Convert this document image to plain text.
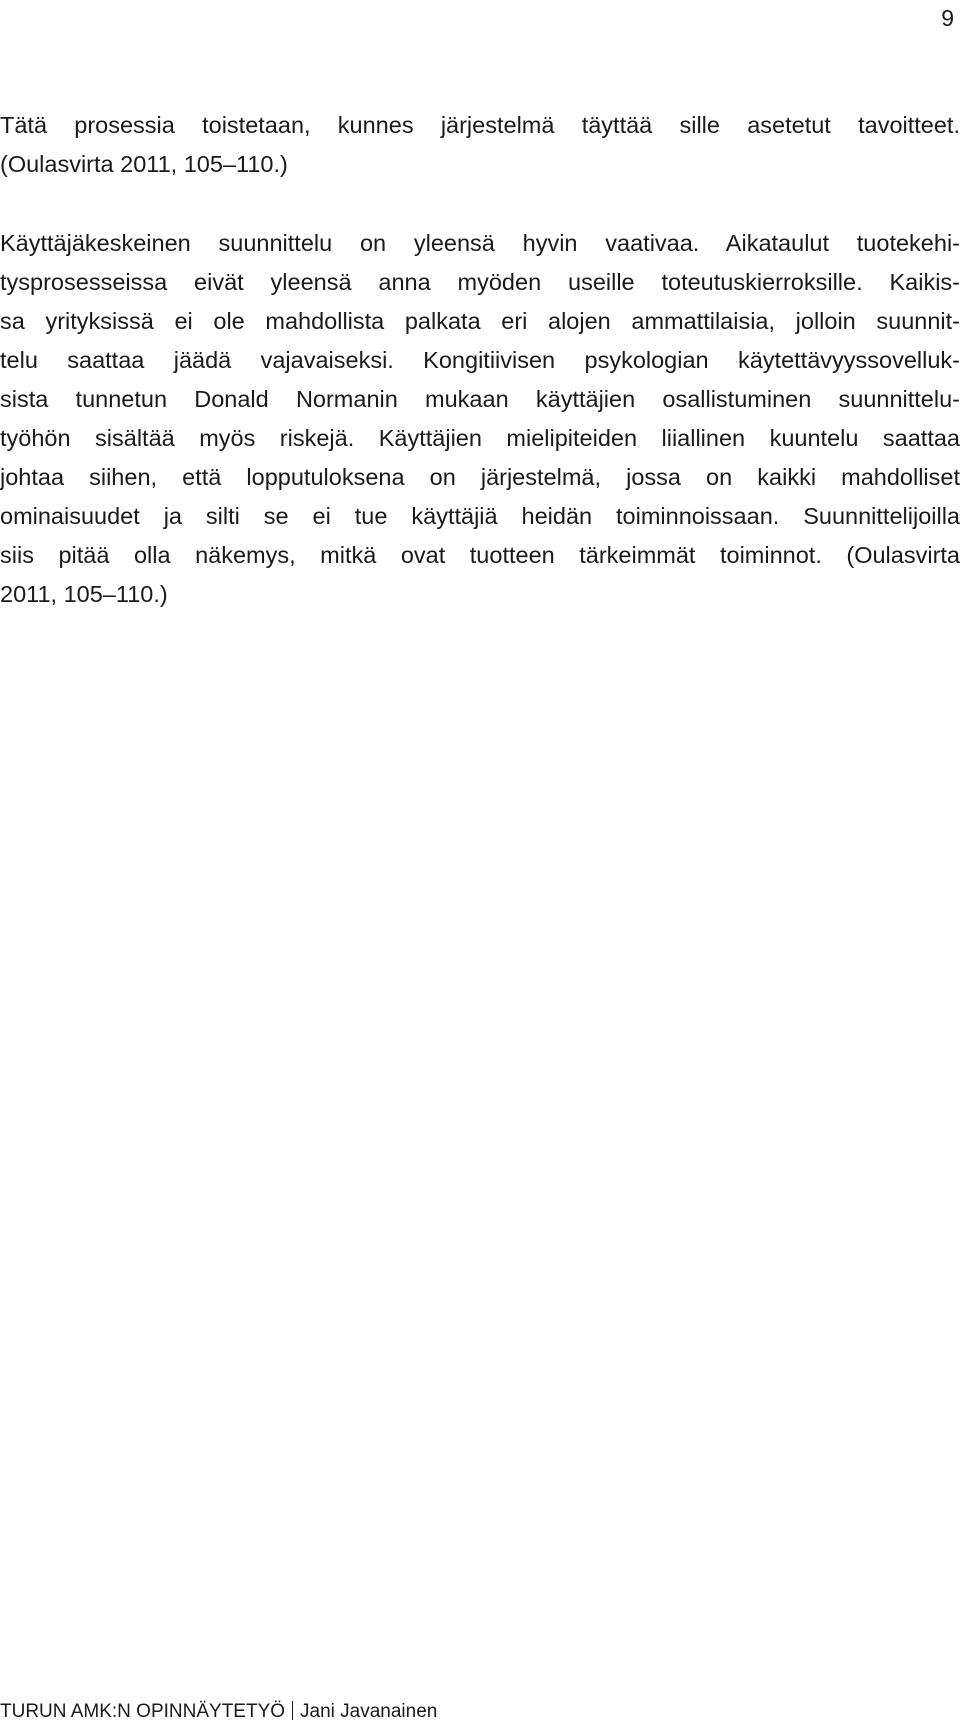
9

Tätä prosessia toistetaan, kunnes järjestelmä täyttää sille asetetut tavoitteet.
(Oulasvirta 2011, 105–110.)

Käyttäjäkeskeinen suunnittelu on yleensä hyvin vaativaa. Aikataulut tuotekehi-
tysprosesseissa eivät yleensä anna myöden useille toteutuskierroksille. Kaikis-
sa yrityksissä ei ole mahdollista palkata eri alojen ammattilaisia, jolloin suunnit-
telu saattaa jäädä vajavaiseksi. Kongitiivisen psykologian käytettävyyssovelluk-
sista tunnetun Donald Normanin mukaan käyttäjien osallistuminen suunnittelu-
työhön sisältää myös riskejä. Käyttäjien mielipiteiden liiallinen kuuntelu saattaa
johtaa siihen, että lopputuloksena on järjestelmä, jossa on kaikki mahdolliset
ominaisuudet ja silti se ei tue käyttäjiä heidän toiminnoissaan. Suunnittelijoilla
siis pitää olla näkemys, mitkä ovat tuotteen tärkeimmät toiminnot. (Oulasvirta
2011, 105–110.)

TURUN AMK:N OPINNÄYTETYÖ Jani Javanainen
